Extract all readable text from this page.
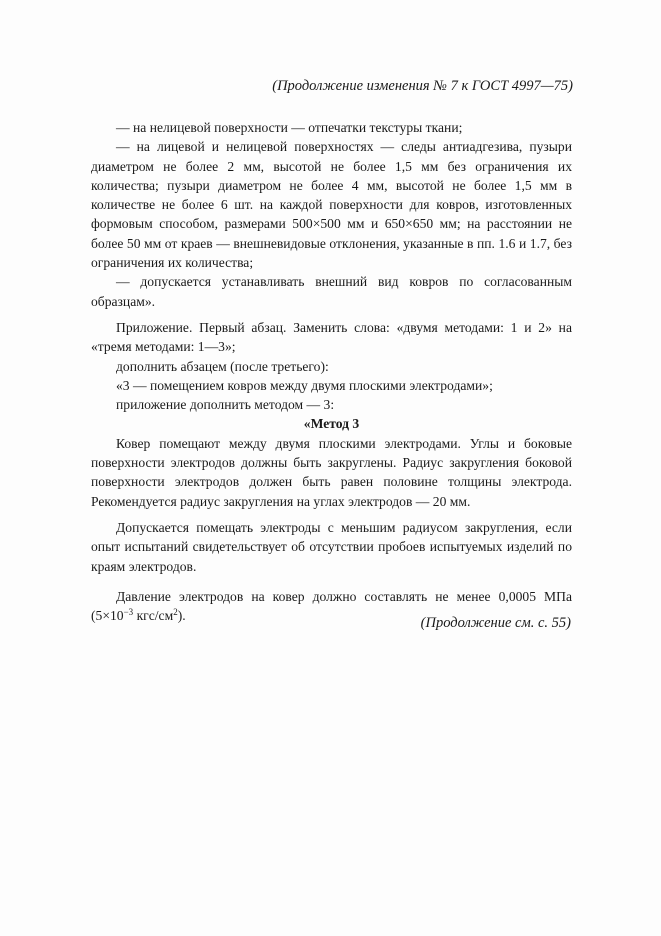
(Продолжение изменения № 7 к ГОСТ 4997—75)

— на нелицевой поверхности — отпечатки текстуры ткани;

— на лицевой и нелицевой поверхностях — следы антиадгезива, пузыри диаметром не более 2 мм, высотой не более 1,5 мм без ограничения их количества; пузыри диаметром не более 4 мм, высотой не более 1,5 мм в количестве не более 6 шт. на каждой поверхности для ковров, изготовленных формовым способом, размерами 500×500 мм и 650×650 мм; на расстоянии не более 50 мм от краев — внешневидовые отклонения, указанные в пп. 1.6 и 1.7, без ограничения их количества;

— допускается устанавливать внешний вид ковров по согласованным образцам».

Приложение. Первый абзац. Заменить слова: «двумя методами: 1 и 2» на «тремя методами: 1—3»;

дополнить абзацем (после третьего):

«3 — помещением ковров между двумя плоскими электродами»;

приложение дополнить методом — 3:

«Метод 3

Ковер помещают между двумя плоскими электродами. Углы и боковые поверхности электродов должны быть закруглены. Радиус закругления боковой поверхности электродов должен быть равен половине толщины электрода. Рекомендуется радиус закругления на углах электродов — 20 мм.

Допускается помещать электроды с меньшим радиусом закругления, если опыт испытаний свидетельствует об отсутствии пробоев испытуемых изделий по краям электродов.

Давление электродов на ковер должно составлять не менее 0,0005 МПа ($5\times 10^{-3}$ кгс/$см^2$).	(Продолжение см. с. 55)
